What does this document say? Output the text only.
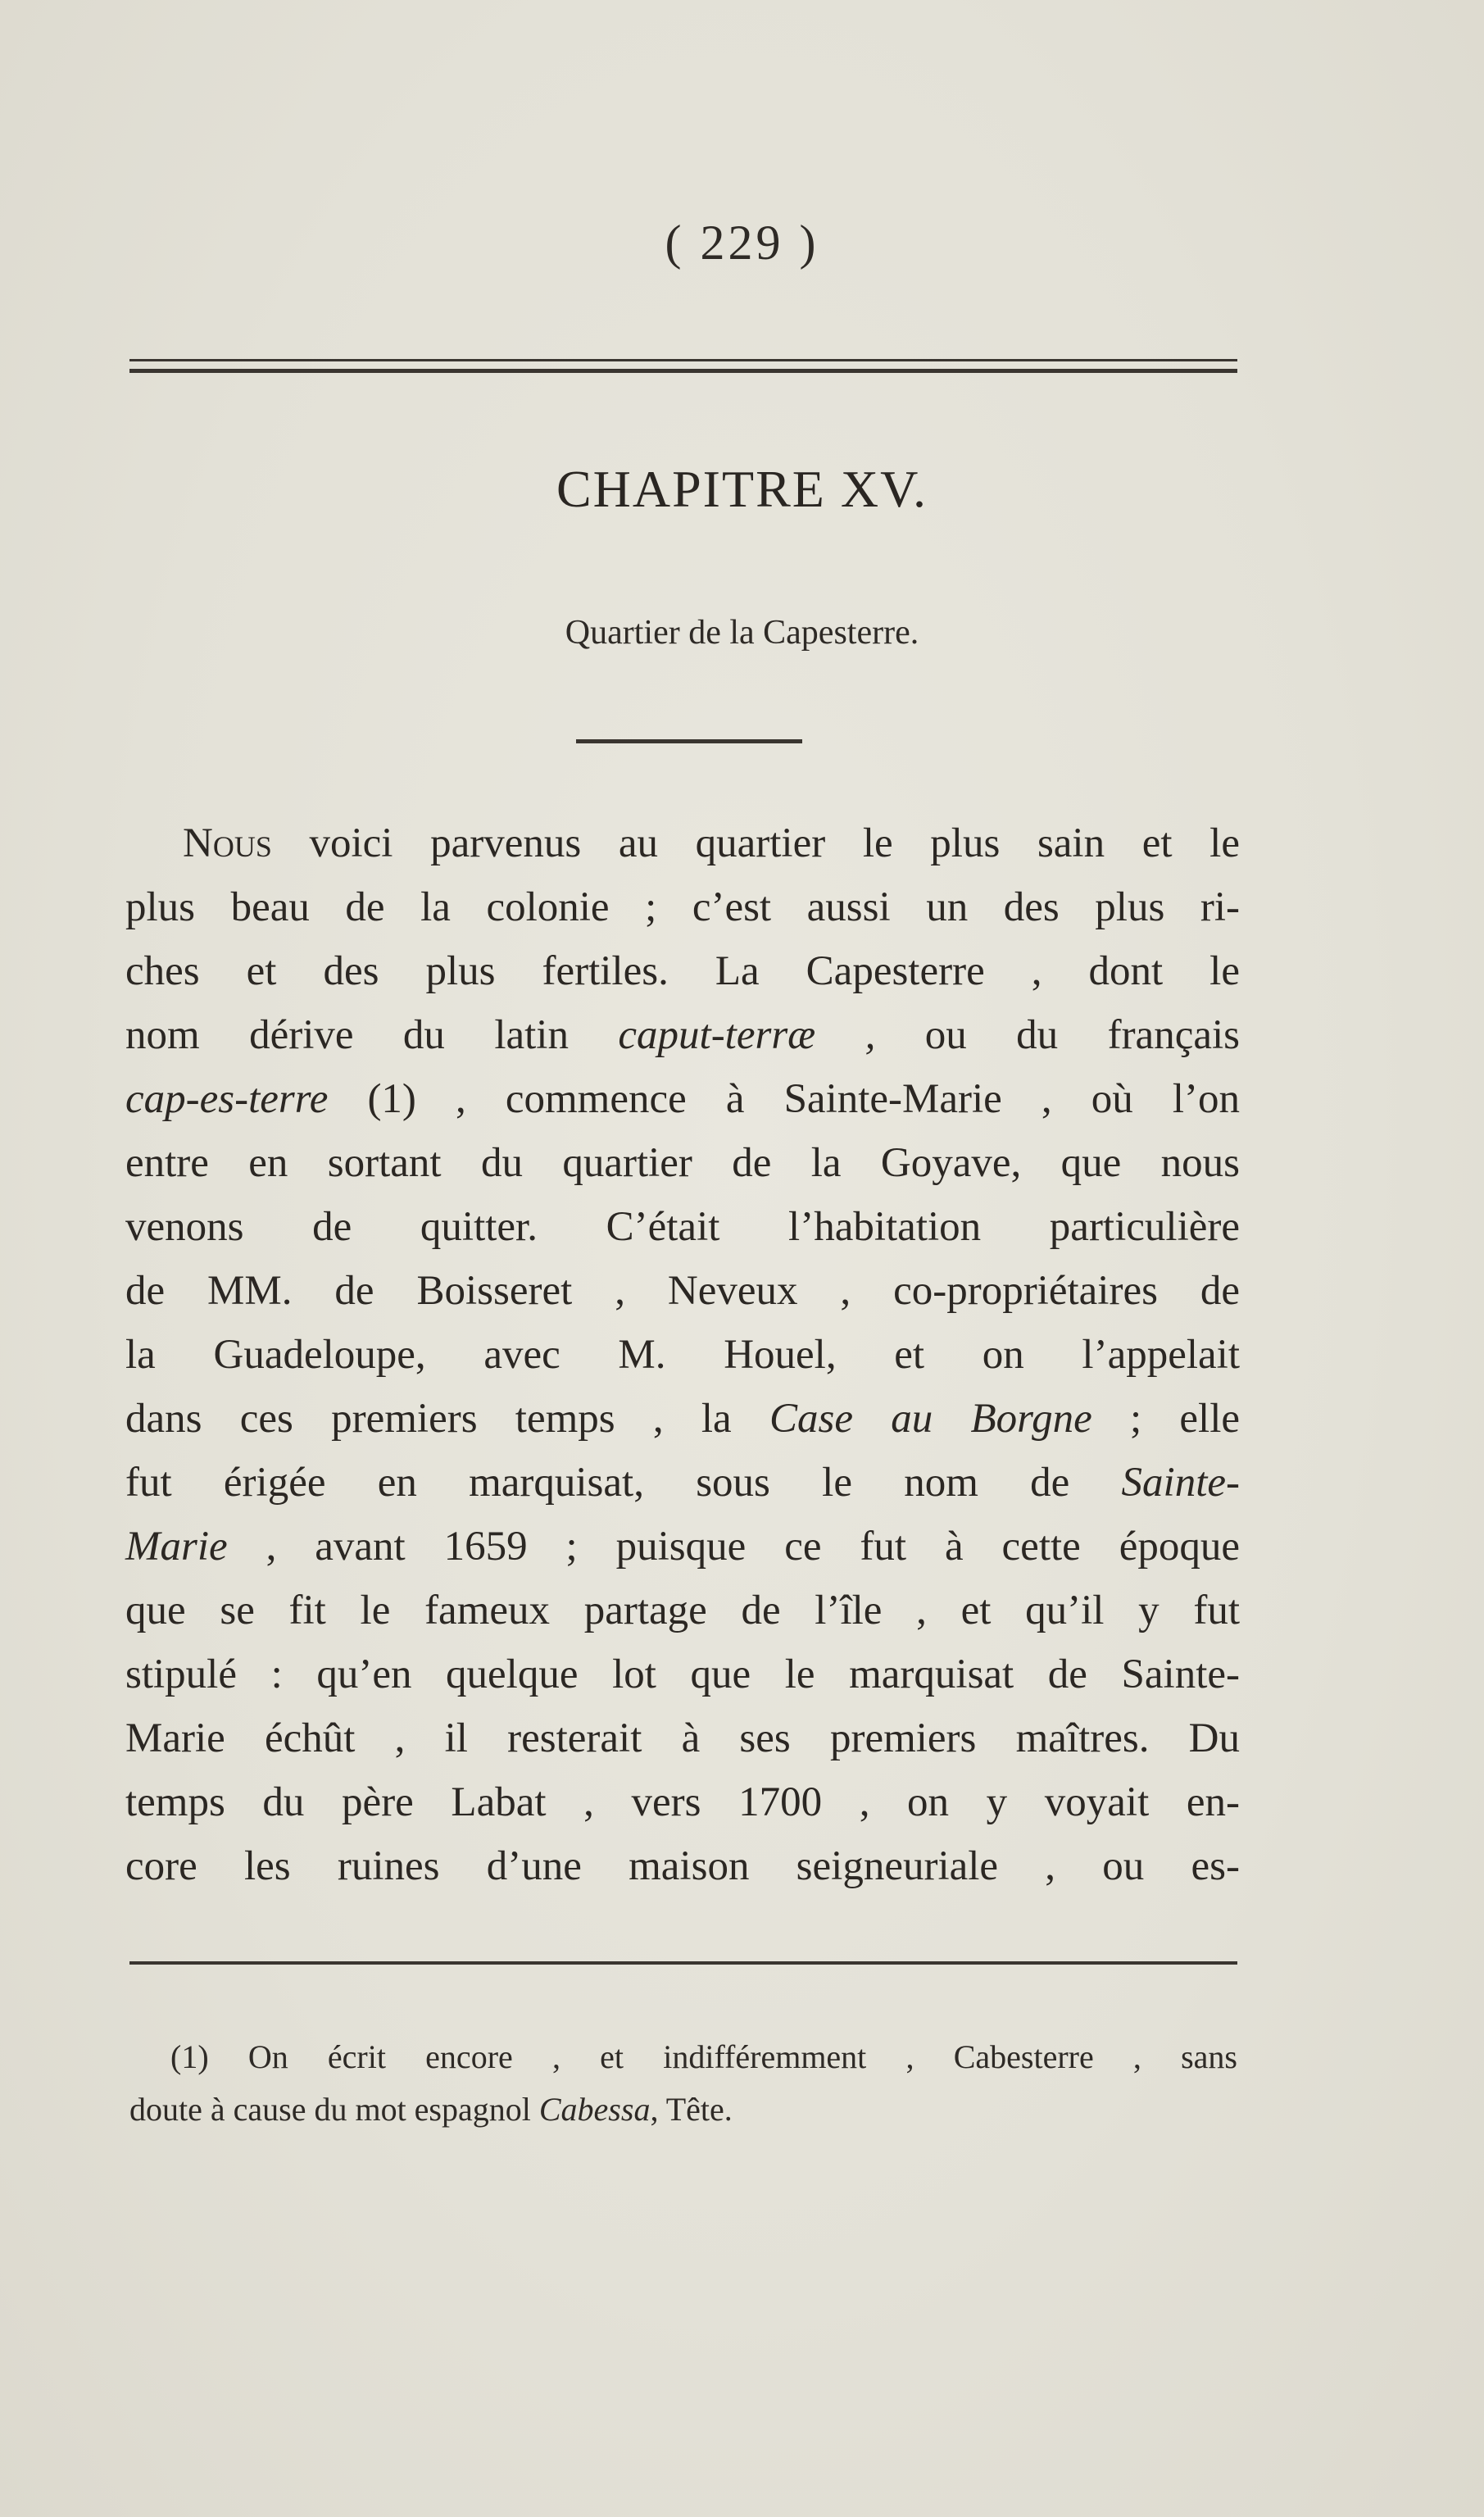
( 229 )
CHAPITRE XV.
Quartier de la Capesterre.
Nous voici parvenus au quartier le plus sain et le
plus beau de la colonie ; c’est aussi un des plus ri-
ches et des plus fertiles. La Capesterre , dont le
nom dérive du latin caput-terræ , ou du français
cap-es-terre (1) , commence à Sainte-Marie , où l’on
entre en sortant du quartier de la Goyave, que nous
venons de quitter. C’était l’habitation particulière
de MM. de Boisseret , Neveux , co-propriétaires de
la Guadeloupe, avec M. Houel, et on l’appelait
dans ces premiers temps , la Case au Borgne ; elle
fut érigée en marquisat, sous le nom de Sainte-
Marie , avant 1659 ; puisque ce fut à cette époque
que se fit le fameux partage de l’île , et qu’il y fut
stipulé : qu’en quelque lot que le marquisat de Sainte-
Marie échût , il resterait à ses premiers maîtres. Du
temps du père Labat , vers 1700 , on y voyait en-
core les ruines d’une maison seigneuriale , ou es-
(1) On écrit encore , et indifféremment , Cabesterre , sans
doute à cause du mot espagnol Cabessa, Tête.
